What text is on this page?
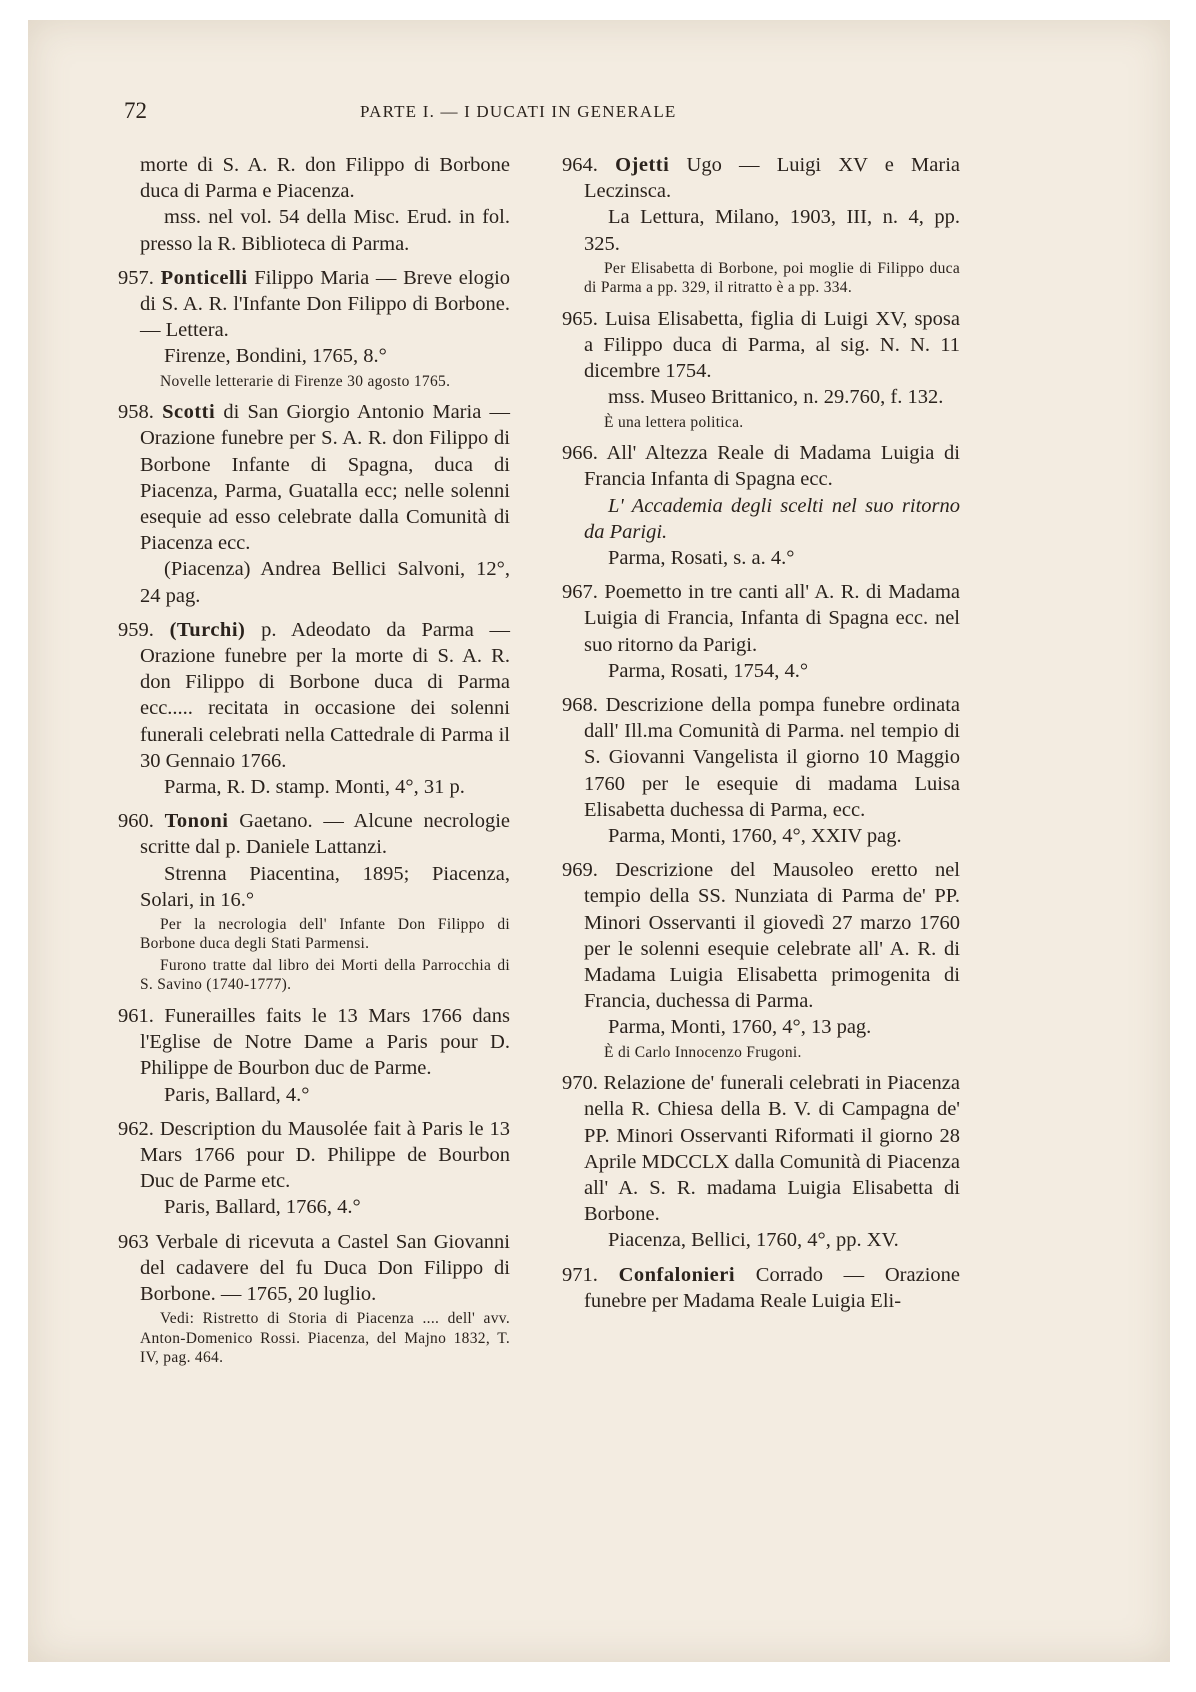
72	PARTE I. — I DUCATI IN GENERALE
morte di S. A. R. don Filippo di Borbone duca di Parma e Piacenza.
mss. nel vol. 54 della Misc. Erud. in fol. presso la R. Biblioteca di Parma.
957. Ponticelli Filippo Maria — Breve elogio di S. A. R. l'Infante Don Filippo di Borbone. — Lettera.
Firenze, Bondini, 1765, 8.°
Novelle letterarie di Firenze 30 agosto 1765.
958. Scotti di San Giorgio Antonio Maria — Orazione funebre per S. A. R. don Filippo di Borbone Infante di Spagna, duca di Piacenza, Parma, Guatalla ecc; nelle solenni esequie ad esso celebrate dalla Comunità di Piacenza ecc.
(Piacenza) Andrea Bellici Salvoni, 12°, 24 pag.
959. (Turchi) p. Adeodato da Parma — Orazione funebre per la morte di S. A. R. don Filippo di Borbone duca di Parma ecc..... recitata in occasione dei solenni funerali celebrati nella Cattedrale di Parma il 30 Gennaio 1766.
Parma, R. D. stamp. Monti, 4°, 31 p.
960. Tononi Gaetano. — Alcune necrologie scritte dal p. Daniele Lattanzi.
Strenna Piacentina, 1895; Piacenza, Solari, in 16.°
Per la necrologia dell' Infante Don Filippo di Borbone duca degli Stati Parmensi.
Furono tratte dal libro dei Morti della Parrocchia di S. Savino (1740-1777).
961. Funerailles faits le 13 Mars 1766 dans l'Eglise de Notre Dame a Paris pour D. Philippe de Bourbon duc de Parme.
Paris, Ballard, 4.°
962. Description du Mausolée fait à Paris le 13 Mars 1766 pour D. Philippe de Bourbon Duc de Parme etc.
Paris, Ballard, 1766, 4.°
963 Verbale di ricevuta a Castel San Giovanni del cadavere del fu Duca Don Filippo di Borbone. — 1765, 20 luglio.
Vedi: Ristretto di Storia di Piacenza .... dell' avv. Anton-Domenico Rossi. Piacenza, del Majno 1832, T. IV, pag. 464.
964. Ojetti Ugo — Luigi XV e Maria Leczinsca.
La Lettura, Milano, 1903, III, n. 4, pp. 325.
Per Elisabetta di Borbone, poi moglie di Filippo duca di Parma a pp. 329, il ritratto è a pp. 334.
965. Luisa Elisabetta, figlia di Luigi XV, sposa a Filippo duca di Parma, al sig. N. N. 11 dicembre 1754.
mss. Museo Brittanico, n. 29.760, f. 132.
È una lettera politica.
966. All' Altezza Reale di Madama Luigia di Francia Infanta di Spagna ecc.
L' Accademia degli scelti nel suo ritorno da Parigi.
Parma, Rosati, s. a. 4.°
967. Poemetto in tre canti all' A. R. di Madama Luigia di Francia, Infanta di Spagna ecc. nel suo ritorno da Parigi.
Parma, Rosati, 1754, 4.°
968. Descrizione della pompa funebre ordinata dall' Ill.ma Comunità di Parma. nel tempio di S. Giovanni Vangelista il giorno 10 Maggio 1760 per le esequie di madama Luisa Elisabetta duchessa di Parma, ecc.
Parma, Monti, 1760, 4°, XXIV pag.
969. Descrizione del Mausoleo eretto nel tempio della SS. Nunziata di Parma de' PP. Minori Osservanti il giovedì 27 marzo 1760 per le solenni esequie celebrate all' A. R. di Madama Luigia Elisabetta primogenita di Francia, duchessa di Parma.
Parma, Monti, 1760, 4°, 13 pag.
È di Carlo Innocenzo Frugoni.
970. Relazione de' funerali celebrati in Piacenza nella R. Chiesa della B. V. di Campagna de' PP. Minori Osservanti Riformati il giorno 28 Aprile MDCCLX dalla Comunità di Piacenza all' A. S. R. madama Luigia Elisabetta di Borbone.
Piacenza, Bellici, 1760, 4°, pp. XV.
971. Confalonieri Corrado — Orazione funebre per Madama Reale Luigia Eli-
